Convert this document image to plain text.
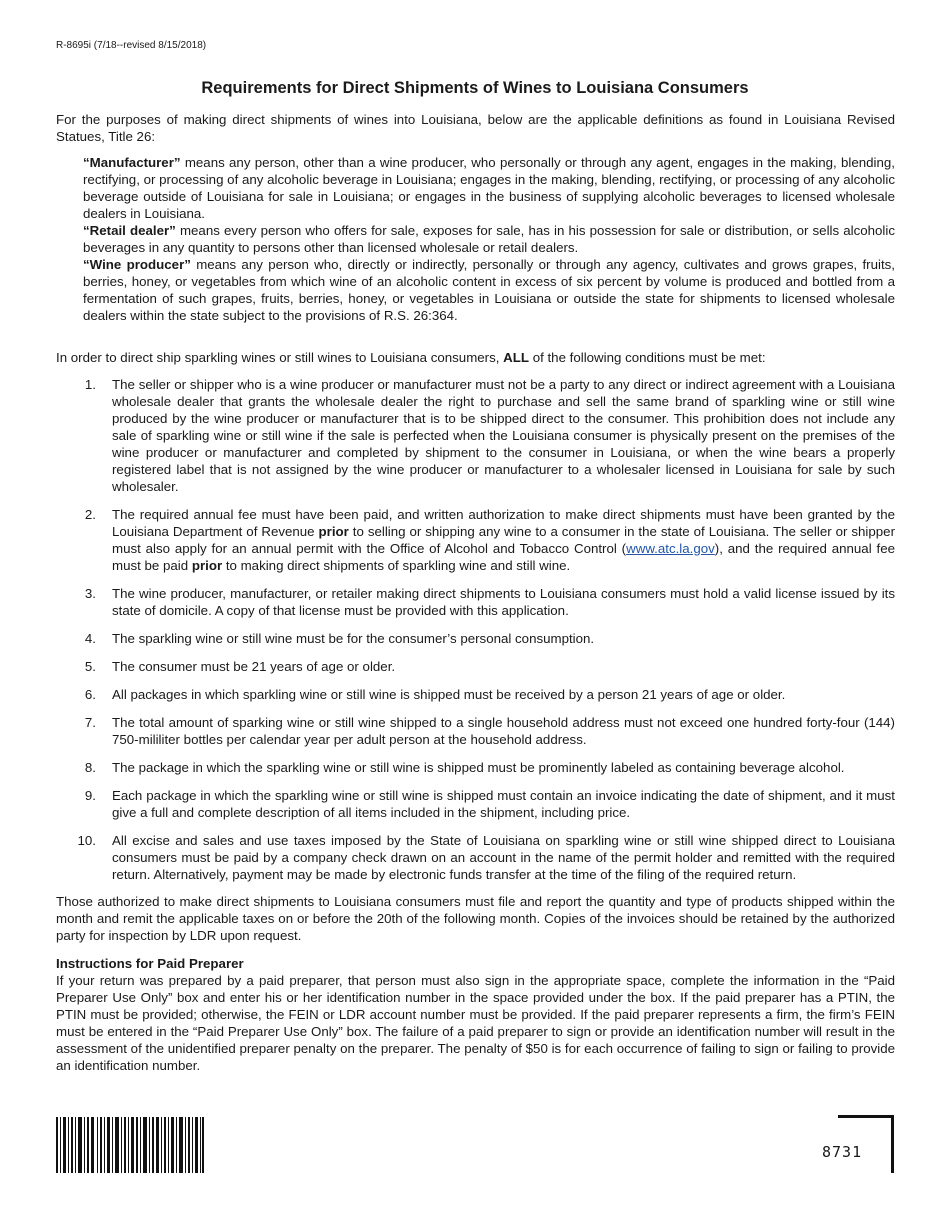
R-8695i (7/18--revised 8/15/2018)
Requirements for Direct Shipments of Wines to Louisiana Consumers

For the purposes of making direct shipments of wines into Louisiana, below are the applicable definitions as found in Louisiana Revised Statues, Title 26:

“Manufacturer” means any person, other than a wine producer, who personally or through any agent, engages in the making, blending, rectifying, or processing of any alcoholic beverage in Louisiana; engages in the making, blending, rectifying, or processing of any alcoholic beverage outside of Louisiana for sale in Louisiana; or engages in the business of supplying alcoholic beverages to licensed wholesale dealers in Louisiana.

“Retail dealer” means every person who offers for sale, exposes for sale, has in his possession for sale or distribution, or sells alcoholic beverages in any quantity to persons other than licensed wholesale or retail dealers.

“Wine producer” means any person who, directly or indirectly, personally or through any agency, cultivates and grows grapes, fruits, berries, honey, or vegetables from which wine of an alcoholic content in excess of six percent by volume is produced and bottled from a fermentation of such grapes, fruits, berries, honey, or vegetables in Louisiana or outside the state for shipments to licensed wholesale dealers within the state subject to the provisions of R.S. 26:364.

In order to direct ship sparkling wines or still wines to Louisiana consumers, ALL of the following conditions must be met:

1. The seller or shipper who is a wine producer or manufacturer must not be a party to any direct or indirect agreement with a Louisiana wholesale dealer that grants the wholesale dealer the right to purchase and sell the same brand of sparkling wine or still wine produced by the wine producer or manufacturer that is to be shipped direct to the consumer. This prohibition does not include any sale of sparkling wine or still wine if the sale is perfected when the Louisiana consumer is physically present on the premises of the wine producer or manufacturer and completed by shipment to the consumer in Louisiana, or when the wine bears a properly registered label that is not assigned by the wine producer or manufacturer to a wholesaler licensed in Louisiana for sale by such wholesaler.
2. The required annual fee must have been paid, and written authorization to make direct shipments must have been granted by the Louisiana Department of Revenue prior to selling or shipping any wine to a consumer in the state of Louisiana. The seller or shipper must also apply for an annual permit with the Office of Alcohol and Tobacco Control (www.atc.la.gov), and the required annual fee must be paid prior to making direct shipments of sparkling wine and still wine.
3. The wine producer, manufacturer, or retailer making direct shipments to Louisiana consumers must hold a valid license issued by its state of domicile. A copy of that license must be provided with this application.
4. The sparkling wine or still wine must be for the consumer’s personal consumption.
5. The consumer must be 21 years of age or older.
6. All packages in which sparkling wine or still wine is shipped must be received by a person 21 years of age or older.
7. The total amount of sparking wine or still wine shipped to a single household address must not exceed one hundred forty-four (144) 750-mililiter bottles per calendar year per adult person at the household address.
8. The package in which the sparkling wine or still wine is shipped must be prominently labeled as containing beverage alcohol.
9. Each package in which the sparkling wine or still wine is shipped must contain an invoice indicating the date of shipment, and it must give a full and complete description of all items included in the shipment, including price.
10. All excise and sales and use taxes imposed by the State of Louisiana on sparkling wine or still wine shipped direct to Louisiana consumers must be paid by a company check drawn on an account in the name of the permit holder and remitted with the required return. Alternatively, payment may be made by electronic funds transfer at the time of the filing of the required return.

Those authorized to make direct shipments to Louisiana consumers must file and report the quantity and type of products shipped within the month and remit the applicable taxes on or before the 20th of the following month. Copies of the invoices should be retained by the authorized party for inspection by LDR upon request.

Instructions for Paid Preparer

If your return was prepared by a paid preparer, that person must also sign in the appropriate space, complete the information in the “Paid Preparer Use Only” box and enter his or her identification number in the space provided under the box. If the paid preparer has a PTIN, the PTIN must be provided; otherwise, the FEIN or LDR account number must be provided. If the paid preparer represents a firm, the firm’s FEIN must be entered in the “Paid Preparer Use Only” box. The failure of a paid preparer to sign or provide an identification number will result in the assessment of the unidentified preparer penalty on the preparer. The penalty of $50 is for each occurrence of failing to sign or failing to provide an identification number.

8731
